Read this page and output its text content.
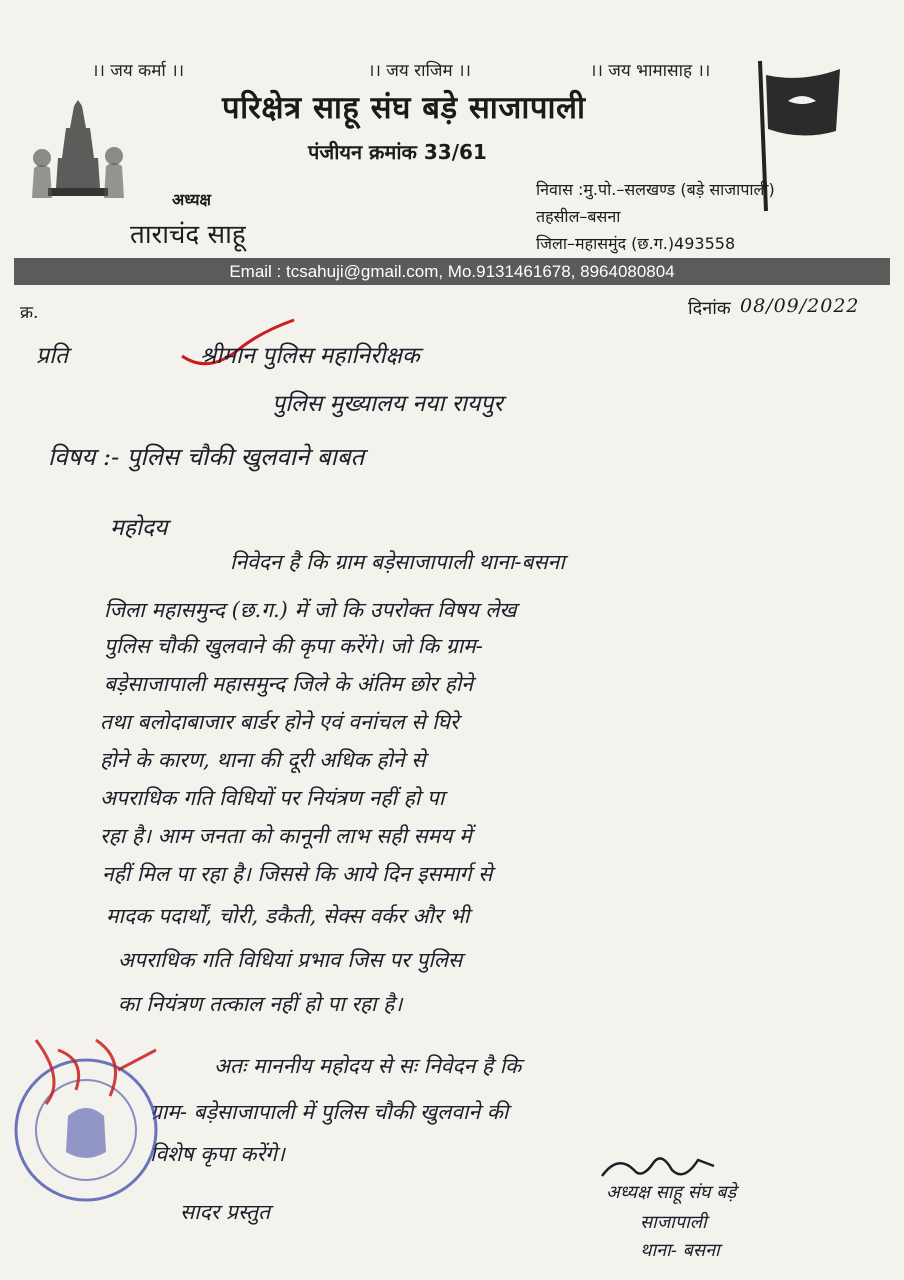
।। जय कर्मा ।।	।। जय राजिम ।।	।। जय भामासाह ।।
परिक्षेत्र साहू संघ बड़े साजापाली
पंजीयन क्रमांक 33/61
अध्यक्ष
ताराचंद साहू
निवास :मु.पो.–सलखण्ड (बड़े साजापाली)
तहसील–बसना
जिला–महासमुंद (छ.ग.)493558
Email : tcsahuji@gmail.com, Mo.9131461678, 8964080804
क्र.	दिनांक 08/09/2022
प्रति	श्रीमान पुलिस महानिरीक्षक
पुलिस मुख्यालय नया रायपुर
विषय :- पुलिस चौकी खुलवाने बाबत
महोदय
निवेदन है कि ग्राम बड़ेसाजापाली थाना-बसना
जिला महासमुन्द (छ.ग.) में जो कि उपरोक्त विषय लेख
पुलिस चौकी खुलवाने की कृपा करेंगे। जो कि ग्राम-
बड़ेसाजापाली महासमुन्द जिले के अंतिम छोर होने
तथा बलोदाबाजार बार्डर होने एवं वनांचल से घिरे
होने के कारण, थाना की दूरी अधिक होने से
अपराधिक गति विधियों पर नियंत्रण नहीं हो पा
रहा है। आम जनता को कानूनी लाभ सही समय में
नहीं मिल पा रहा है। जिससे कि आये दिन इसमार्ग से
मादक पदार्थों, चोरी, डकैती, सेक्स वर्कर और भी
अपराधिक गति विधियां प्रभाव जिस पर पुलिस
का नियंत्रण तत्काल नहीं हो पा रहा है।
अतः माननीय महोदय से सः निवेदन है कि
ग्राम- बड़ेसाजापाली में पुलिस चौकी खुलवाने की
विशेष कृपा करेंगे।
सादर प्रस्तुत
अध्यक्ष साहू संघ बड़े
साजापाली
थाना- बसना
